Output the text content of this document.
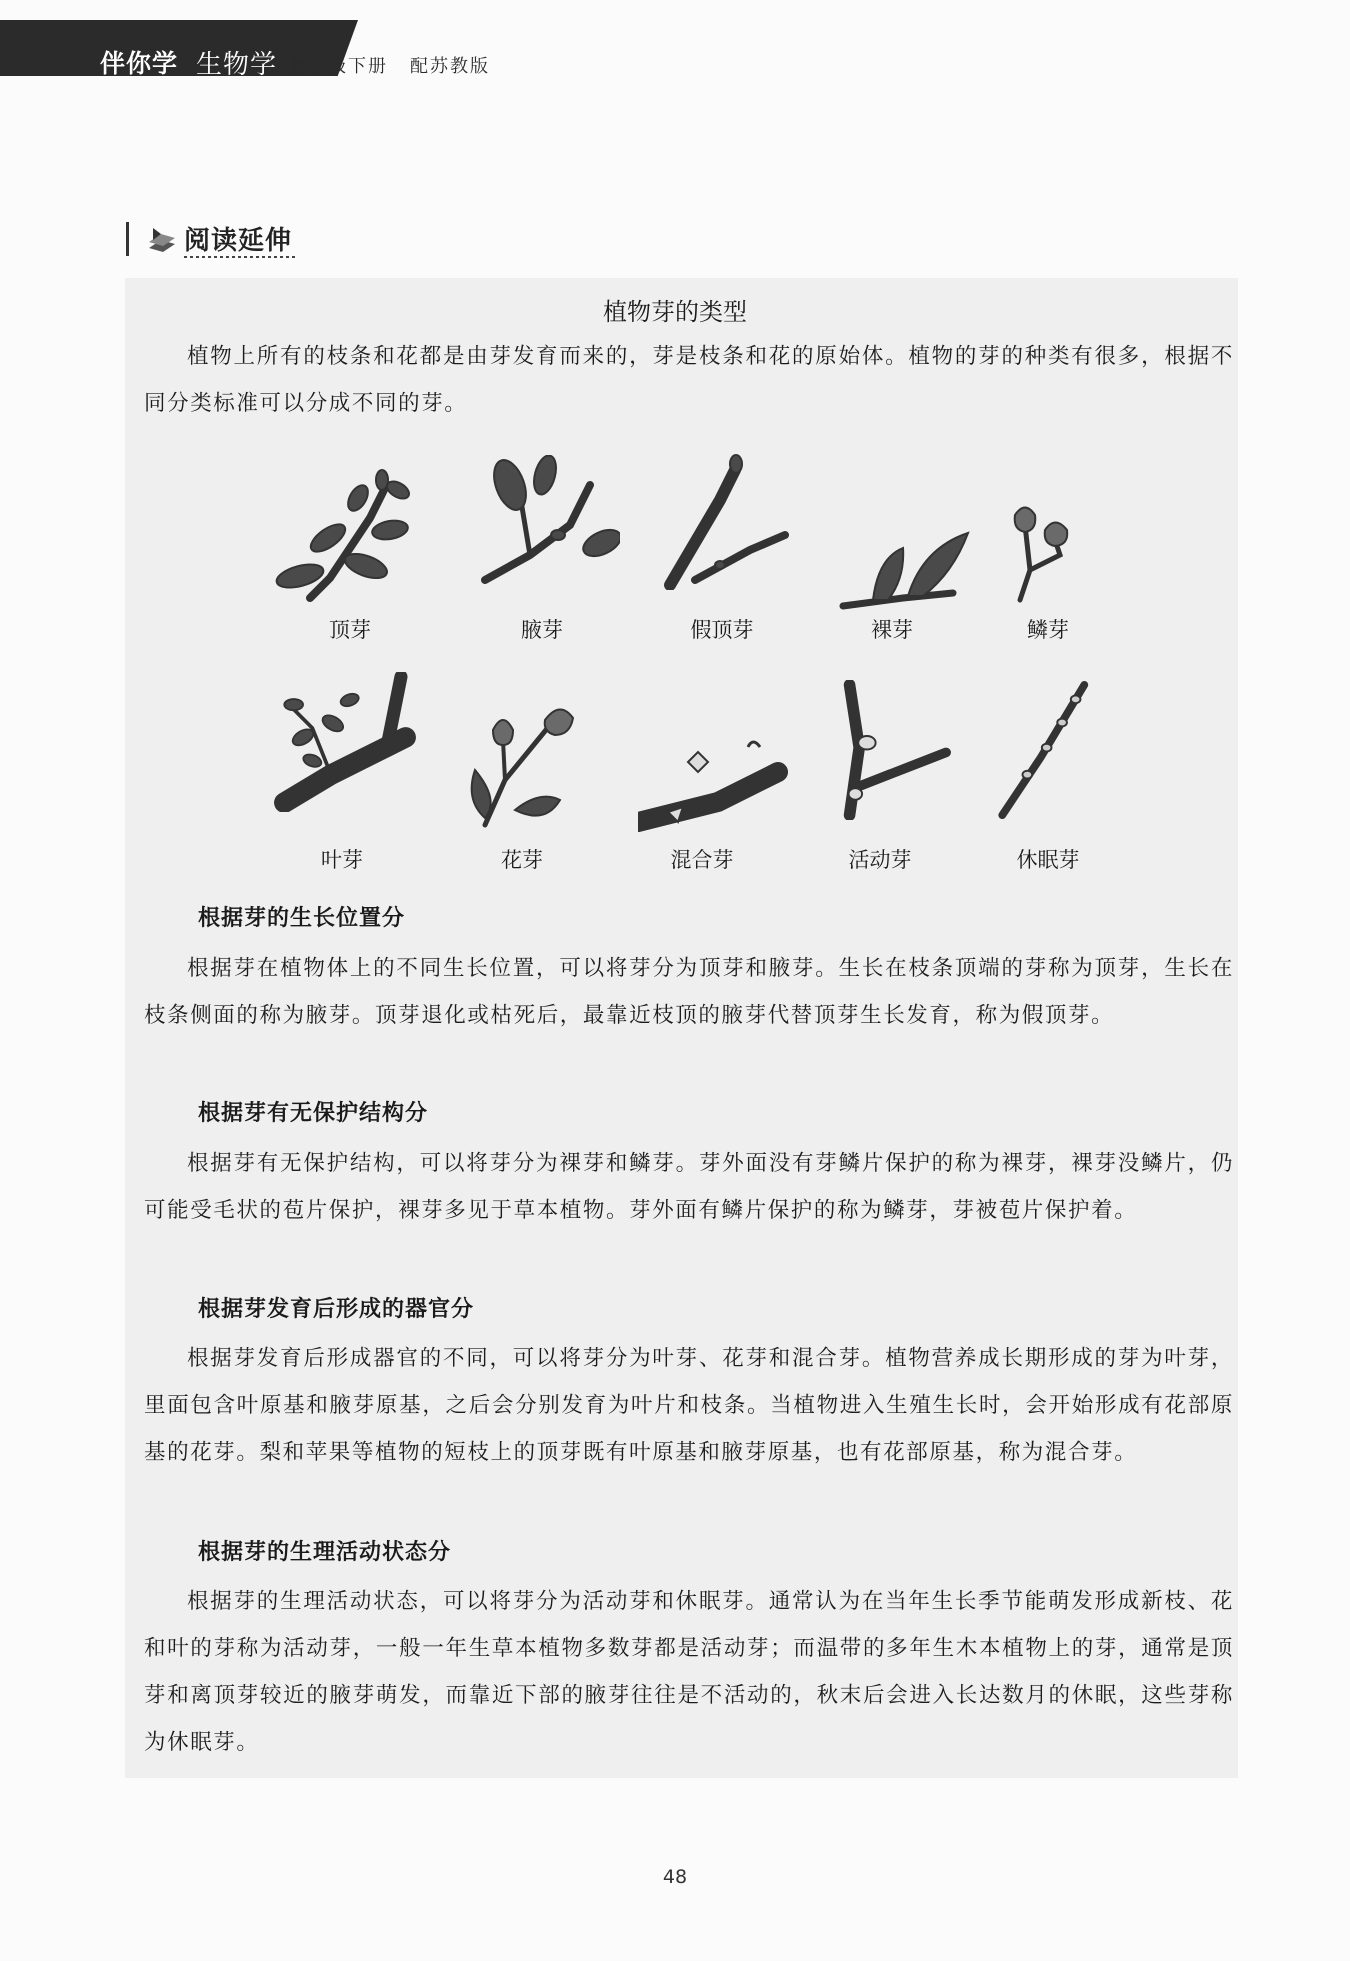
伴你学 生物学 七年级下册 配苏教版
阅读延伸
植物芽的类型

植物上所有的枝条和花都是由芽发育而来的，芽是枝条和花的原始体。植物的芽的种类有很多，根据不同分类标准可以分成不同的芽。

顶芽	腋芽	假顶芽	裸芽	鳞芽
叶芽	花芽	混合芽	活动芽	休眠芽
根据芽的生长位置分

根据芽在植物体上的不同生长位置，可以将芽分为顶芽和腋芽。生长在枝条顶端的芽称为顶芽，生长在枝条侧面的称为腋芽。顶芽退化或枯死后，最靠近枝顶的腋芽代替顶芽生长发育，称为假顶芽。

根据芽有无保护结构分

根据芽有无保护结构，可以将芽分为裸芽和鳞芽。芽外面没有芽鳞片保护的称为裸芽，裸芽没鳞片，仍可能受毛状的苞片保护，裸芽多见于草本植物。芽外面有鳞片保护的称为鳞芽，芽被苞片保护着。

根据芽发育后形成的器官分

根据芽发育后形成器官的不同，可以将芽分为叶芽、花芽和混合芽。植物营养成长期形成的芽为叶芽，里面包含叶原基和腋芽原基，之后会分别发育为叶片和枝条。当植物进入生殖生长时，会开始形成有花部原基的花芽。梨和苹果等植物的短枝上的顶芽既有叶原基和腋芽原基，也有花部原基，称为混合芽。

根据芽的生理活动状态分

根据芽的生理活动状态，可以将芽分为活动芽和休眠芽。通常认为在当年生长季节能萌发形成新枝、花和叶的芽称为活动芽，一般一年生草本植物多数芽都是活动芽；而温带的多年生木本植物上的芽，通常是顶芽和离顶芽较近的腋芽萌发，而靠近下部的腋芽往往是不活动的，秋末后会进入长达数月的休眠，这些芽称为休眠芽。

48
